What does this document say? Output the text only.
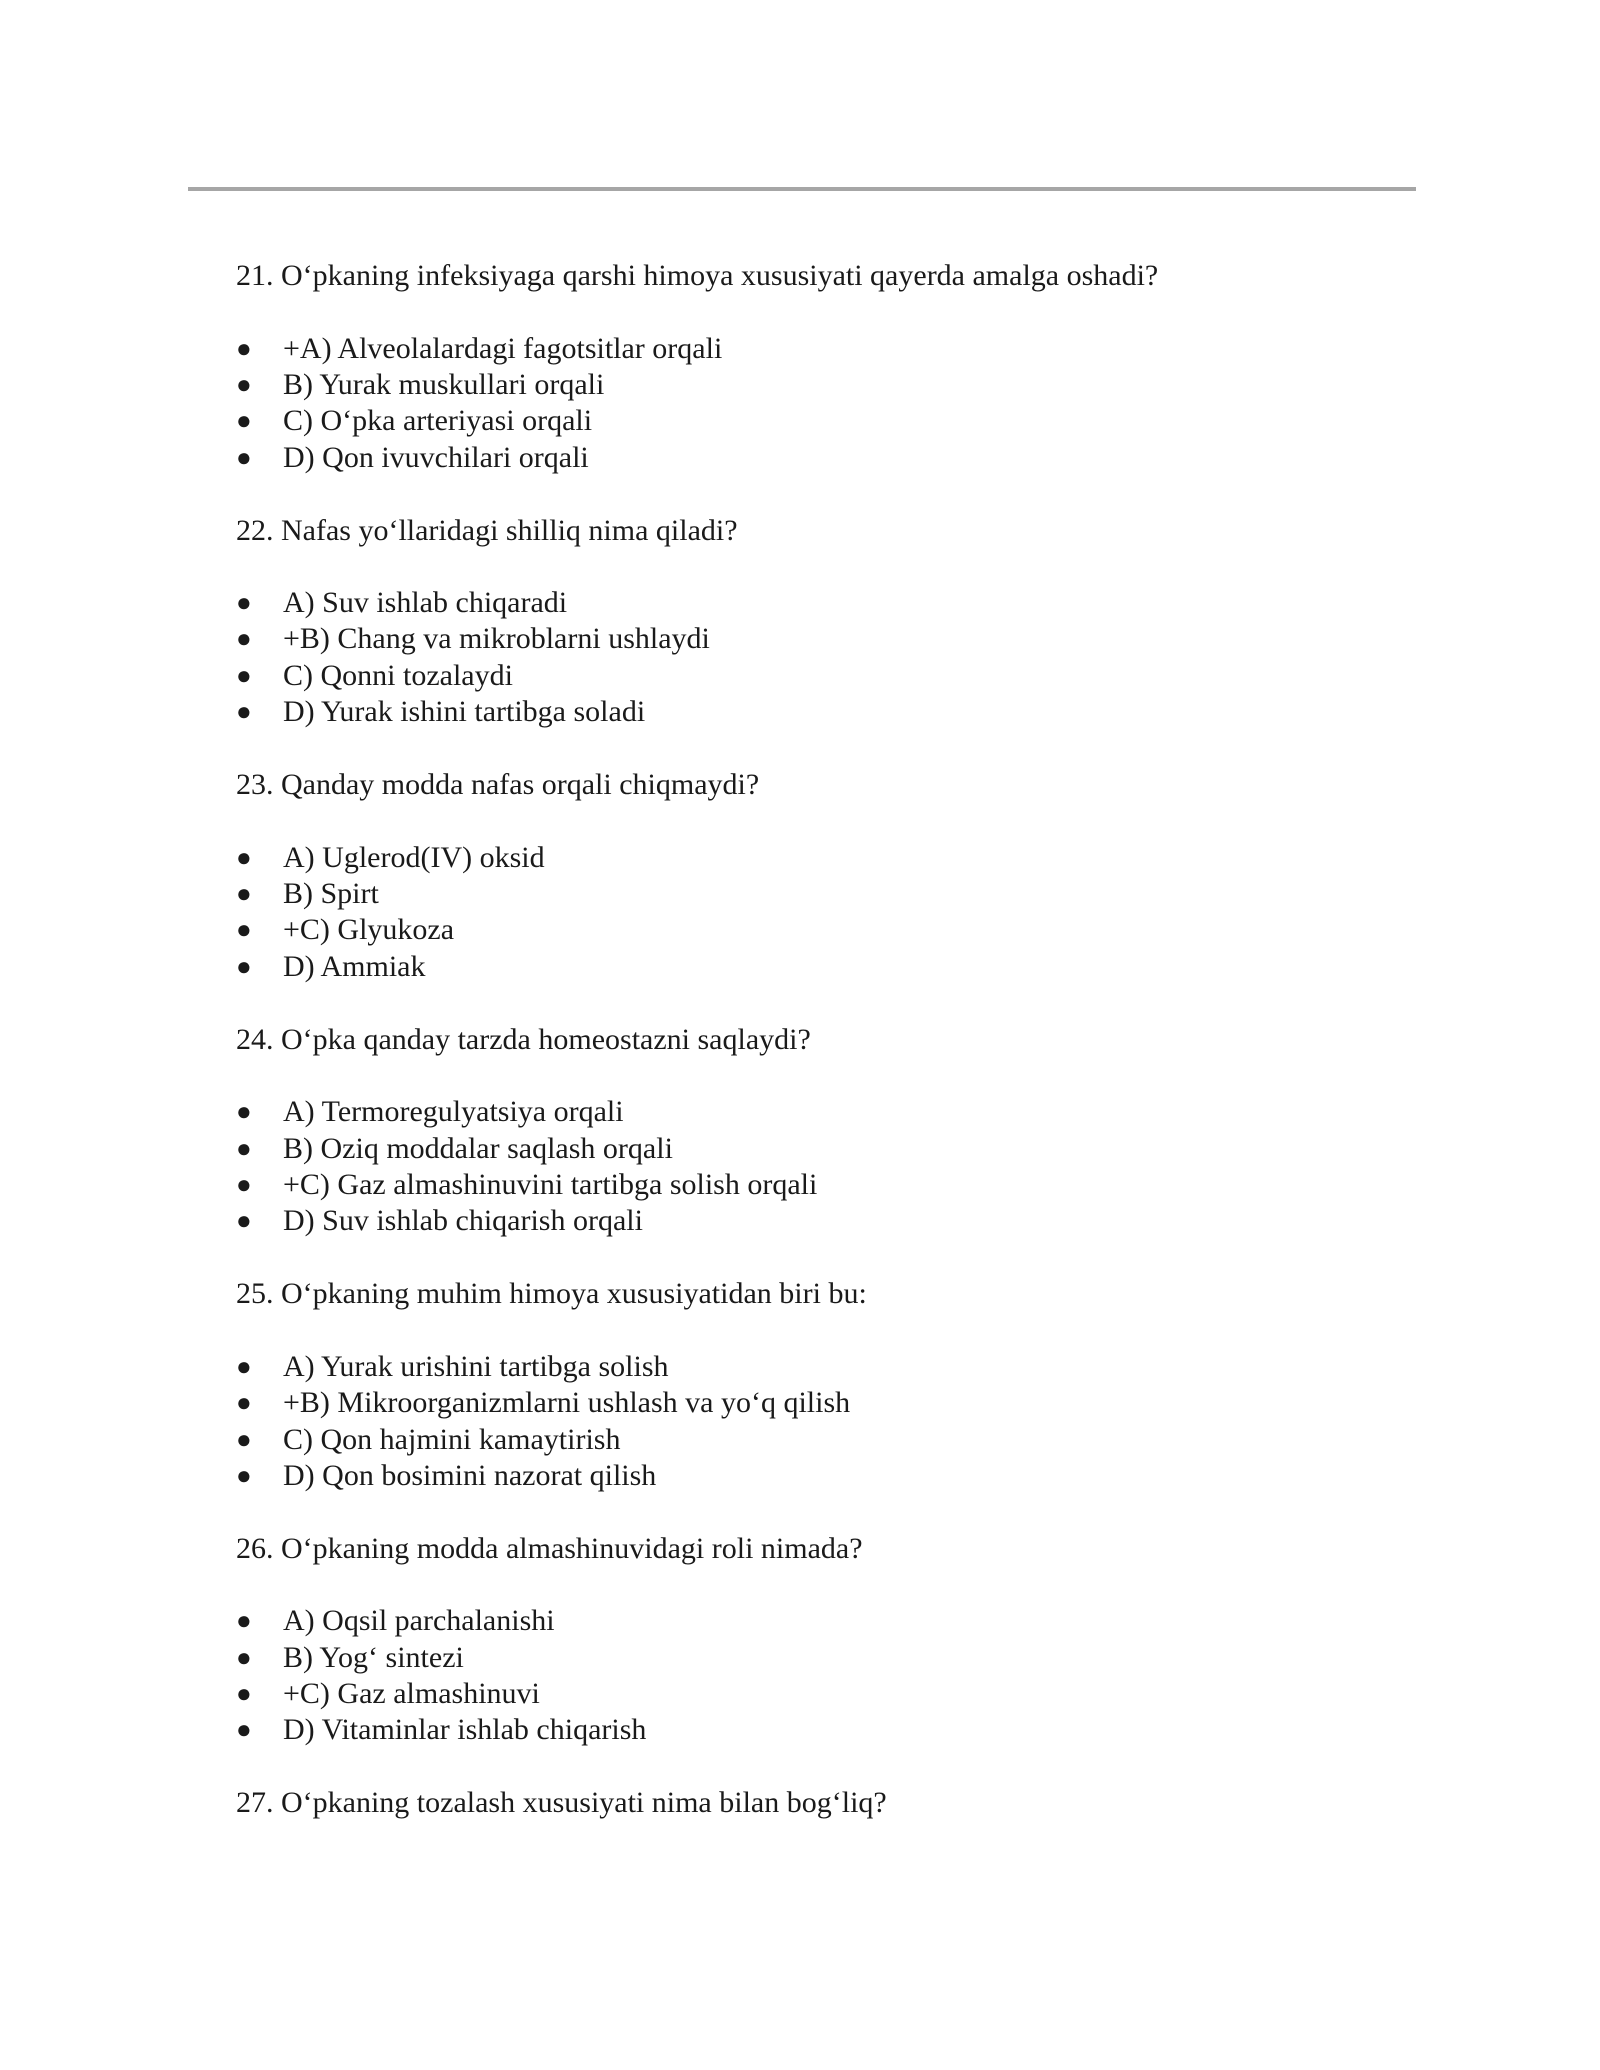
21. O‘pkaning infeksiyaga qarshi himoya xususiyati qayerda amalga oshadi?

● +A) Alveolalardagi fagotsitlar orqali
● B) Yurak muskullari orqali
● C) O‘pka arteriyasi orqali
● D) Qon ivuvchilari orqali

22. Nafas yo‘llaridagi shilliq nima qiladi?

● A) Suv ishlab chiqaradi
● +B) Chang va mikroblarni ushlaydi
● C) Qonni tozalaydi
● D) Yurak ishini tartibga soladi

23. Qanday modda nafas orqali chiqmaydi?

● A) Uglerod(IV) oksid
● B) Spirt
● +C) Glyukoza
● D) Ammiak

24. O‘pka qanday tarzda homeostazni saqlaydi?

● A) Termoregulyatsiya orqali
● B) Oziq moddalar saqlash orqali
● +C) Gaz almashinuvini tartibga solish orqali
● D) Suv ishlab chiqarish orqali

25. O‘pkaning muhim himoya xususiyatidan biri bu:

● A) Yurak urishini tartibga solish
● +B) Mikroorganizmlarni ushlash va yo‘q qilish
● C) Qon hajmini kamaytirish
● D) Qon bosimini nazorat qilish

26. O‘pkaning modda almashinuvidagi roli nimada?

● A) Oqsil parchalanishi
● B) Yog‘ sintezi
● +C) Gaz almashinuvi
● D) Vitaminlar ishlab chiqarish

27. O‘pkaning tozalash xususiyati nima bilan bog‘liq?
